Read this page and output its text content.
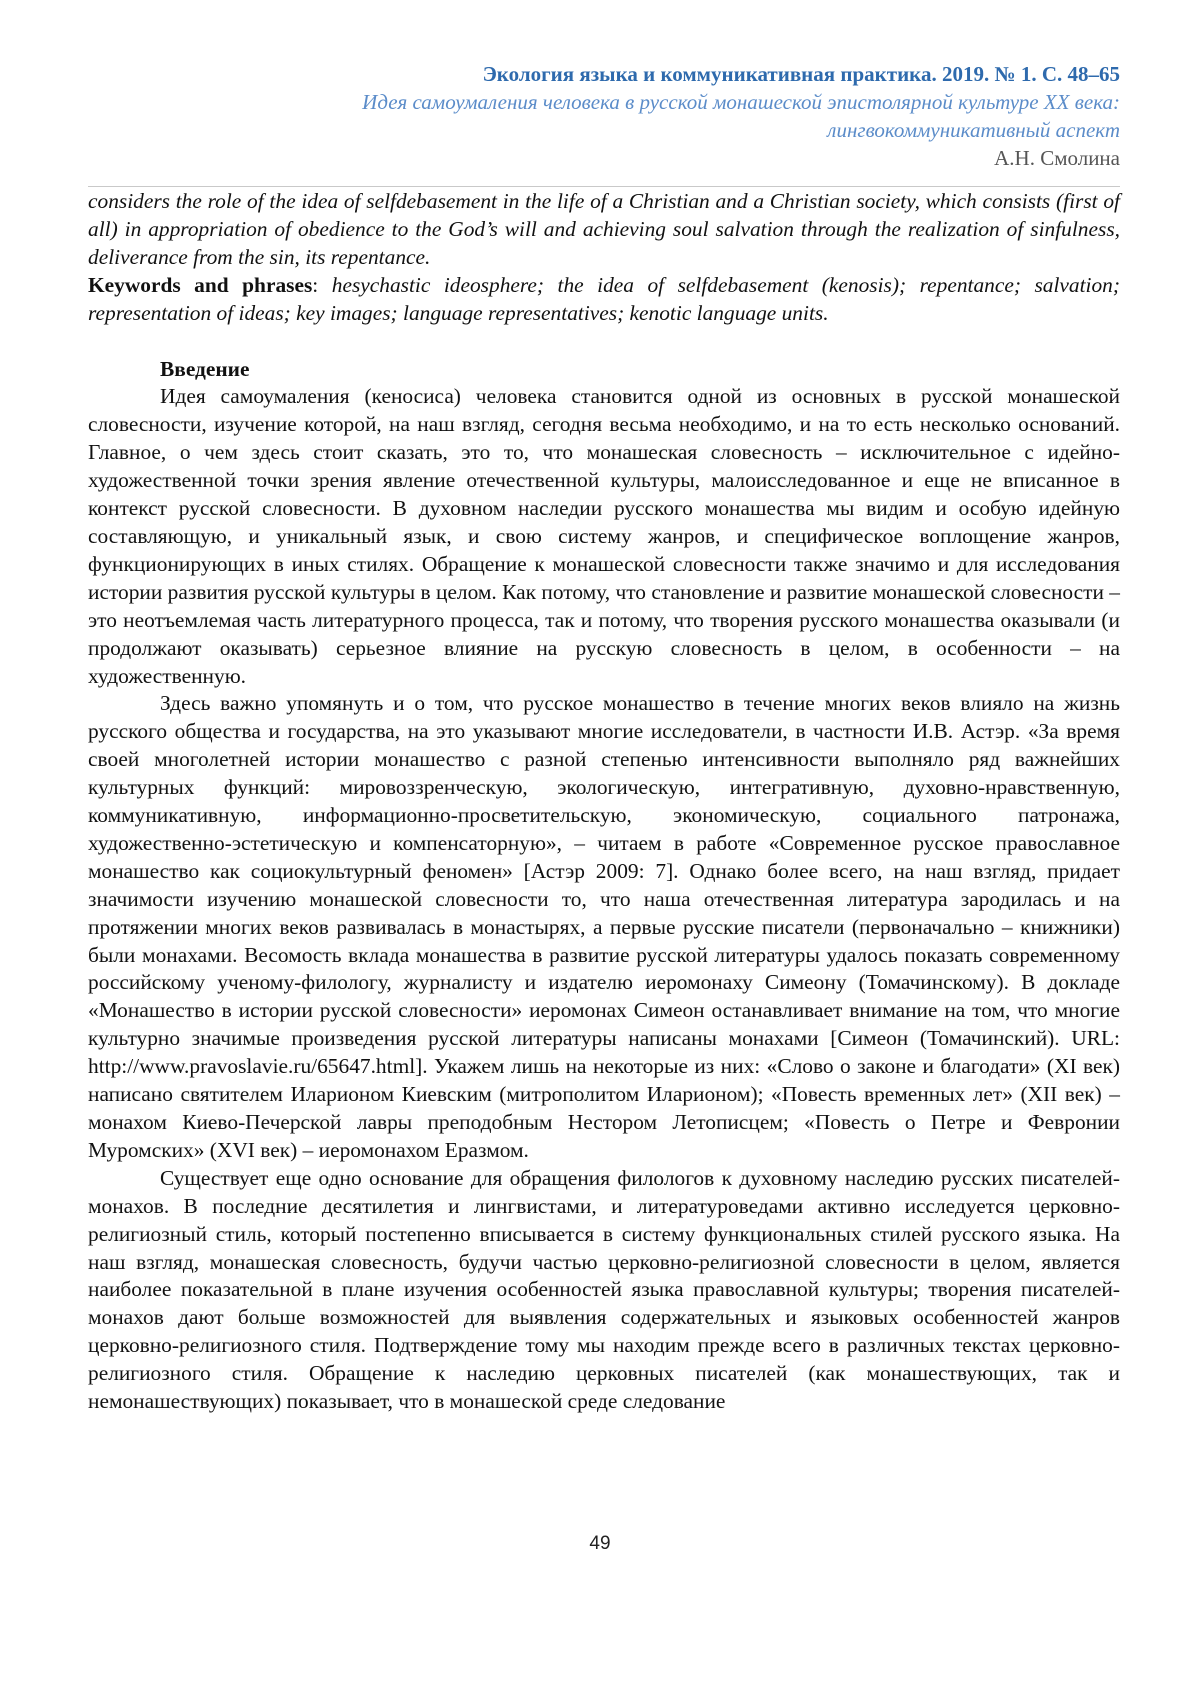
Экология языка и коммуникативная практика. 2019. № 1. С. 48–65
Идея самоумаления человека в русской монашеской эпистолярной культуре XX века:
лингвокоммуникативный аспект
А.Н. Смолина

considers the role of the idea of selfdebasement in the life of a Christian and a Christian society, which consists (first of all) in appropriation of obedience to the God’s will and achieving soul salvation through the realization of sinfulness, deliverance from the sin, its repentance.

Keywords and phrases: hesychastic ideosphere; the idea of selfdebasement (kenosis); repentance; salvation; representation of ideas; key images; language representatives; kenotic language units.

Введение

Идея самоумаления (кеносиса) человека становится одной из основных в русской монашеской словесности, изучение которой, на наш взгляд, сегодня весьма необходимо, и на то есть несколько оснований. Главное, о чем здесь стоит сказать, это то, что монашеская словесность – исключительное с идейно-художественной точки зрения явление отечественной культуры, малоисследованное и еще не вписанное в контекст русской словесности. В духовном наследии русского монашества мы видим и особую идейную составляющую, и уникальный язык, и свою систему жанров, и специфическое воплощение жанров, функционирующих в иных стилях. Обращение к монашеской словесности также значимо и для исследования истории развития русской культуры в целом. Как потому, что становление и развитие монашеской словесности – это неотъемлемая часть литературного процесса, так и потому, что творения русского монашества оказывали (и продолжают оказывать) серьезное влияние на русскую словесность в целом, в особенности – на художественную.

Здесь важно упомянуть и о том, что русское монашество в течение многих веков влияло на жизнь русского общества и государства, на это указывают многие исследователи, в частности И.В. Астэр. «За время своей многолетней истории монашество с разной степенью интенсивности выполняло ряд важнейших культурных функций: мировоззренческую, экологическую, интегративную, духовно-нравственную, коммуникативную, информационно-просветительскую, экономическую, социального патронажа, художественно-эстетическую и компенсаторную», – читаем в работе «Современное русское православное монашество как социокультурный феномен» [Астэр 2009: 7]. Однако более всего, на наш взгляд, придает значимости изучению монашеской словесности то, что наша отечественная литература зародилась и на протяжении многих веков развивалась в монастырях, а первые русские писатели (первоначально – книжники) были монахами. Весомость вклада монашества в развитие русской литературы удалось показать современному российскому ученому-филологу, журналисту и издателю иеромонаху Симеону (Томачинскому). В докладе «Монашество в истории русской словесности» иеромонах Симеон останавливает внимание на том, что многие культурно значимые произведения русской литературы написаны монахами [Симеон (Томачинский). URL: http://www.pravoslavie.ru/65647.html]. Укажем лишь на некоторые из них: «Слово о законе и благодати» (XI век) написано святителем Иларионом Киевским (митрополитом Иларионом); «Повесть временных лет» (XII век) – монахом Киево-Печерской лавры преподобным Нестором Летописцем; «Повесть о Петре и Февронии Муромских» (XVI век) – иеромонахом Еразмом.

Существует еще одно основание для обращения филологов к духовному наследию русских писателей-монахов. В последние десятилетия и лингвистами, и литературоведами активно исследуется церковно-религиозный стиль, который постепенно вписывается в систему функциональных стилей русского языка. На наш взгляд, монашеская словесность, будучи частью церковно-религиозной словесности в целом, является наиболее показательной в плане изучения особенностей языка православной культуры; творения писателей-монахов дают больше возможностей для выявления содержательных и языковых особенностей жанров церковно-религиозного стиля. Подтверждение тому мы находим прежде всего в различных текстах церковно-религиозного стиля. Обращение к наследию церковных писателей (как монашествующих, так и немонашествующих) показывает, что в монашеской среде следование

49
